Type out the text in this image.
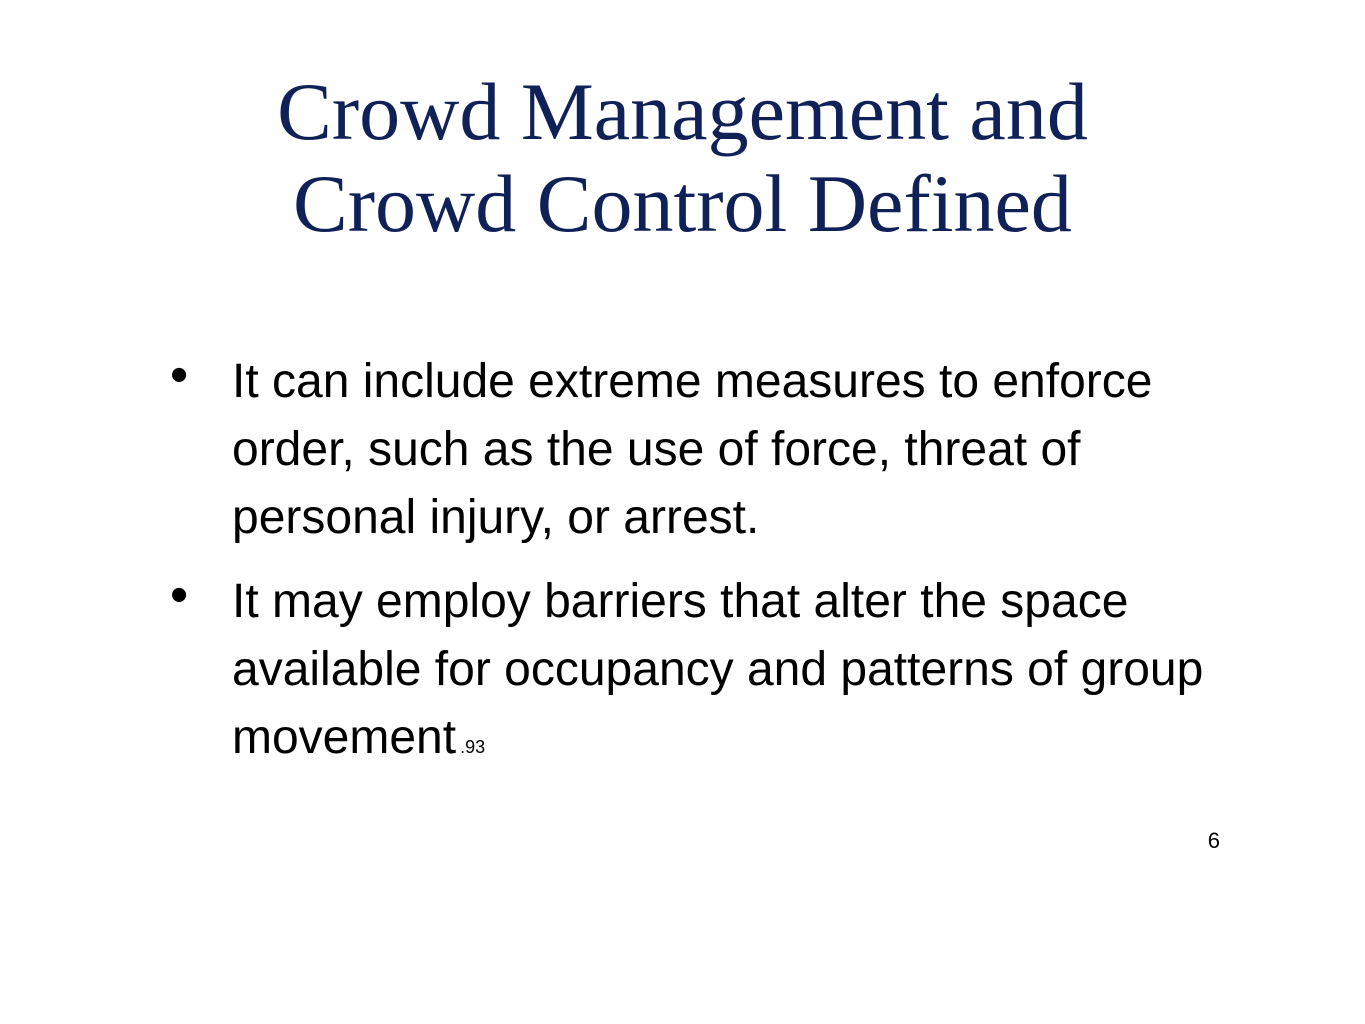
Crowd Management and
Crowd Control Defined
• It can include extreme measures to enforce order, such as the use of force, threat of personal injury, or arrest.
• It may employ barriers that alter the space available for occupancy and patterns of group movement .93
6
